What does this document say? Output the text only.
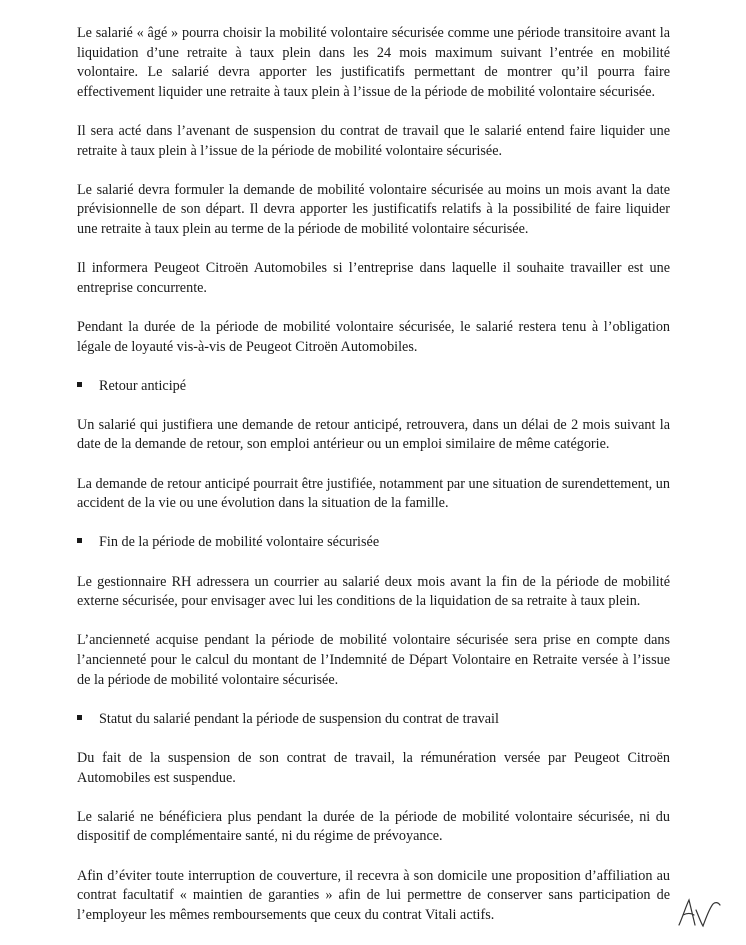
Le salarié « âgé » pourra choisir la mobilité volontaire sécurisée comme une période transitoire avant la liquidation d’une retraite à taux plein dans les 24 mois maximum suivant l’entrée en mobilité volontaire. Le salarié devra apporter les justificatifs permettant de montrer qu’il pourra faire effectivement liquider une retraite à taux plein à l’issue de la période de mobilité volontaire sécurisée.

Il sera acté dans l’avenant de suspension du contrat de travail que le salarié entend faire liquider une retraite à taux plein à l’issue de la période de mobilité volontaire sécurisée.

Le salarié devra formuler la demande de mobilité volontaire sécurisée au moins un mois avant la date prévisionnelle de son départ. Il devra apporter les justificatifs relatifs à la possibilité de faire liquider une retraite à taux plein au terme de la période de mobilité volontaire sécurisée.

Il informera Peugeot Citroën Automobiles si l’entreprise dans laquelle il souhaite travailler est une entreprise concurrente.

Pendant la durée de la période de mobilité volontaire sécurisée, le salarié restera tenu à l’obligation légale de loyauté vis-à-vis de Peugeot Citroën Automobiles.

Retour anticipé

Un salarié qui justifiera une demande de retour anticipé, retrouvera, dans un délai de 2 mois suivant la date de la demande de retour, son emploi antérieur ou un emploi similaire de même catégorie.

La demande de retour anticipé pourrait être justifiée, notamment par une situation de surendettement, un accident de la vie ou une évolution dans la situation de la famille.

Fin de la période de mobilité volontaire sécurisée

Le gestionnaire RH adressera un courrier au salarié deux mois avant la fin de la période de mobilité externe sécurisée, pour envisager avec lui les conditions de la liquidation de sa retraite à taux plein.

L’ancienneté acquise pendant la période de mobilité volontaire sécurisée sera prise en compte dans l’ancienneté pour le calcul du montant de l’Indemnité de Départ Volontaire en Retraite versée à l’issue de la période de mobilité volontaire sécurisée.

Statut du salarié pendant la période de suspension du contrat de travail

Du fait de la suspension de son contrat de travail, la rémunération versée par Peugeot Citroën Automobiles est suspendue.

Le salarié ne bénéficiera plus pendant la durée de la période de mobilité volontaire sécurisée, ni du dispositif de complémentaire santé, ni du régime de prévoyance.

Afin d’éviter toute interruption de couverture, il recevra à son domicile une proposition d’affiliation au contrat facultatif « maintien de garanties » afin de lui permettre de conserver sans participation de l’employeur les mêmes remboursements que ceux du contrat Vitali actifs.
